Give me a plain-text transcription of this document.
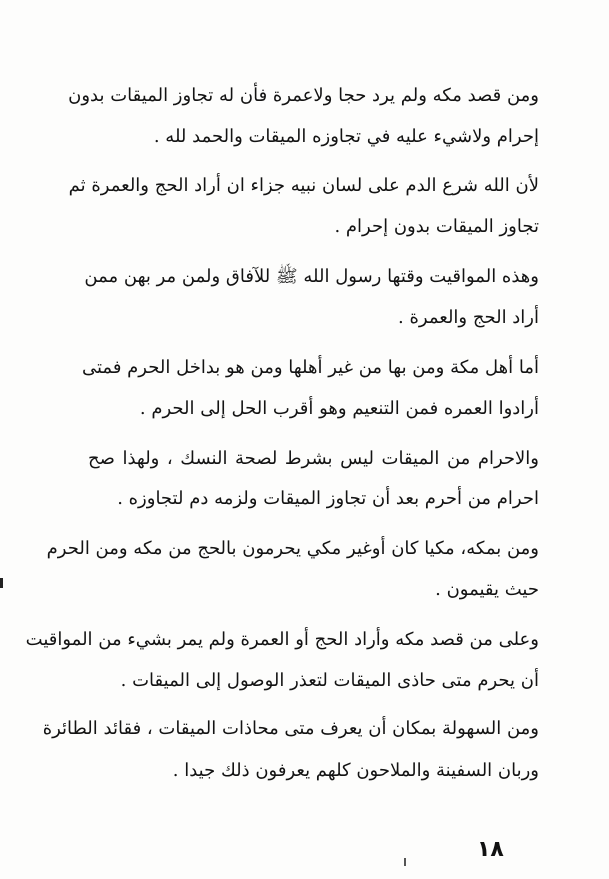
ومن قصد مكه ولم يرد حجا ولاعمرة فأن له تجاوز الميقات بدون
إحرام ولاشيء عليه في تجاوزه الميقات والحمد لله .
لأن الله شرع الدم على لسان نبيه جزاء ان أراد الحج والعمرة ثم
تجاوز الميقات بدون إحرام .
وهذه المواقيت وقتها رسول الله ﷺ للآفاق ولمن مر بهن ممن
أراد الحج والعمرة .
أما أهل مكة ومن بها من غير أهلها ومن هو بداخل الحرم فمتى
أرادوا العمره فمن التنعيم وهو أقرب الحل إلى الحرم .
والاحرام من الميقات ليس بشرط لصحة النسك ، ولهذا صح
احرام من أحرم بعد أن تجاوز الميقات ولزمه دم لتجاوزه .
ومن بمكه، مكيا كان أوغير مكي يحرمون بالحج من مكه ومن الحرم
حيث يقيمون .
وعلى من قصد مكه وأراد الحج أو العمرة ولم يمر بشيء من المواقيت
أن يحرم متى حاذى الميقات لتعذر الوصول إلى الميقات .
ومن السهولة بمكان أن يعرف متى محاذات الميقات ، فقائد الطائرة
وربان السفينة والملاحون كلهم يعرفون ذلك جيدا .
١٨
